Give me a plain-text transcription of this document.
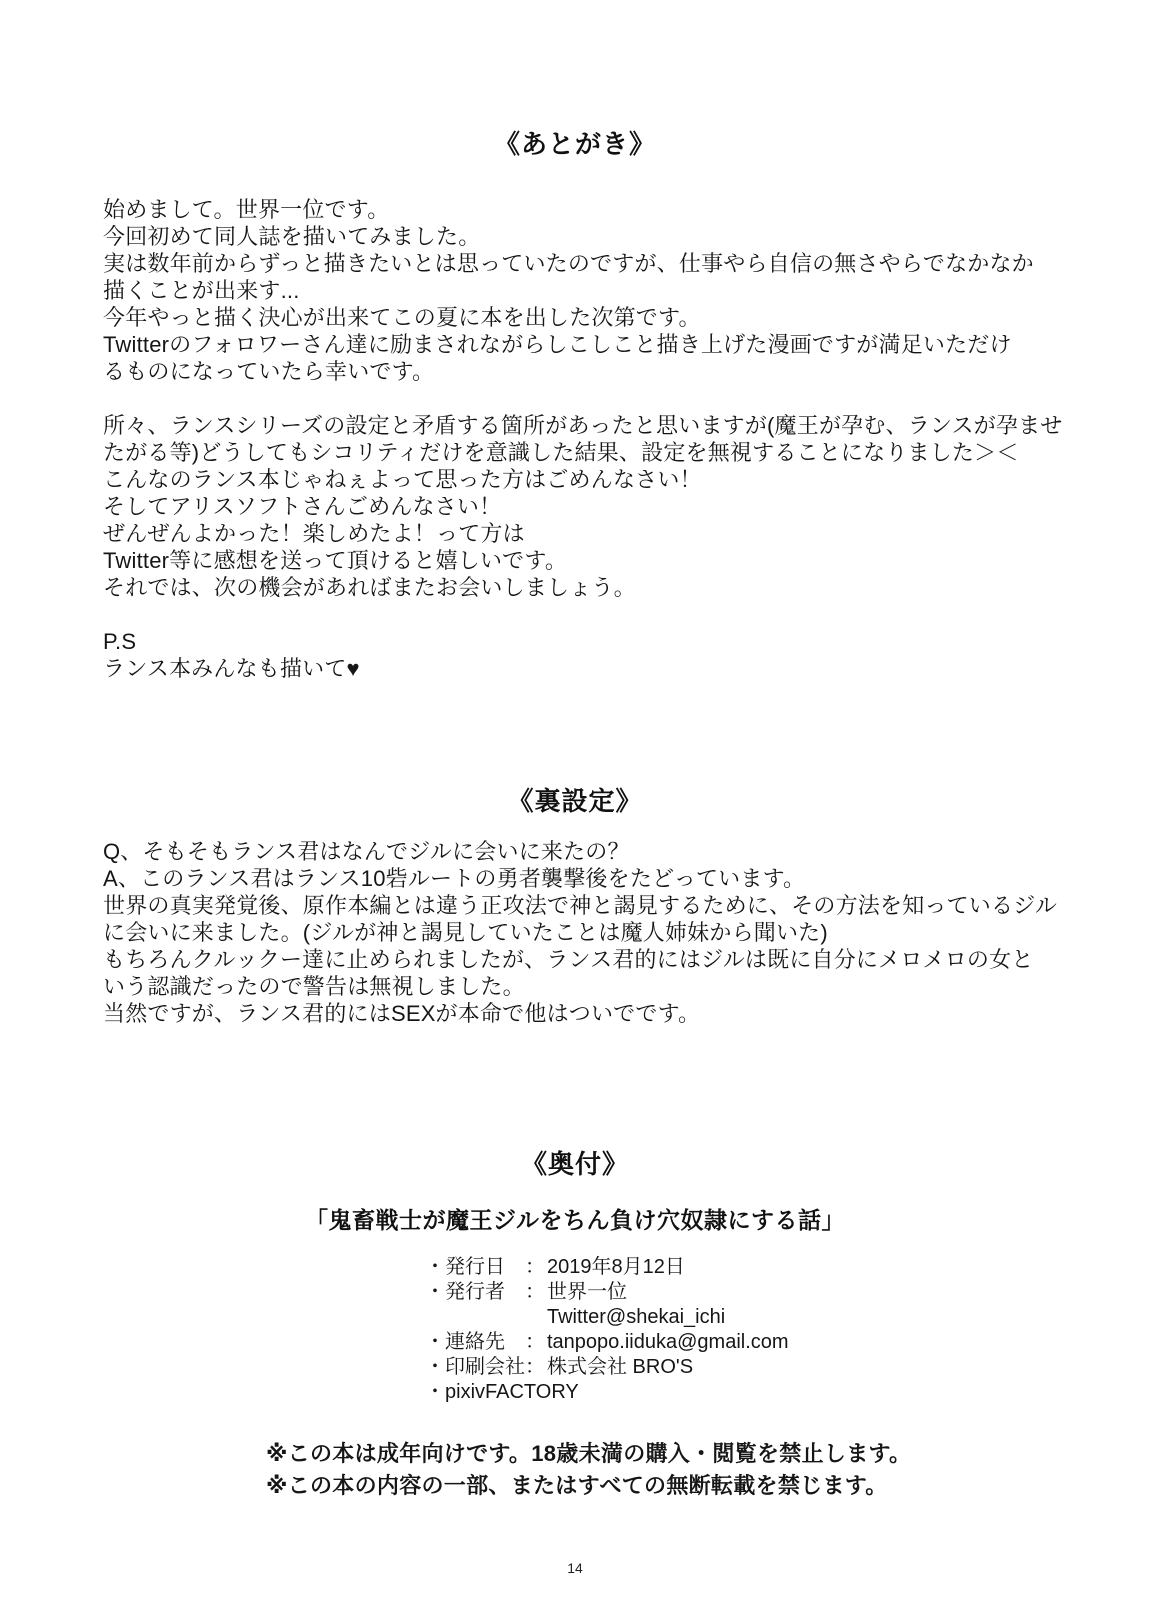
《あとがき》
始めまして。世界一位です。
今回初めて同人誌を描いてみました。
実は数年前からずっと描きたいとは思っていたのですが、仕事やら自信の無さやらでなかなか
描くことが出来す...
今年やっと描く決心が出来てこの夏に本を出した次第です。
Twitterのフォロワーさん達に励まされながらしこしこと描き上げた漫画ですが満足いただけ
るものになっていたら幸いです。

所々、ランスシリーズの設定と矛盾する箇所があったと思いますが(魔王が孕む、ランスが孕ませ
たがる等)どうしてもシコリティだけを意識した結果、設定を無視することになりました＞＜
こんなのランス本じゃねぇよって思った方はごめんなさい！
そしてアリスソフトさんごめんなさい！
ぜんぜんよかった！楽しめたよ！って方は
Twitter等に感想を送って頂けると嬉しいです。
それでは、次の機会があればまたお会いしましょう。

P.S
ランス本みんなも描いて♥
《裏設定》
Q、そもそもランス君はなんでジルに会いに来たの？
A、このランス君はランス10砦ルートの勇者襲撃後をたどっています。
世界の真実発覚後、原作本編とは違う正攻法で神と謁見するために、その方法を知っているジル
に会いに来ました。(ジルが神と謁見していたことは魔人姉妹から聞いた)
もちろんクルックー達に止められましたが、ランス君的にはジルは既に自分にメロメロの女と
いう認識だったので警告は無視しました。
当然ですが、ランス君的にはSEXが本命で他はついでです。
《奥付》
「鬼畜戦士が魔王ジルをちん負け穴奴隷にする話」
・発行日	： 2019年8月12日
・発行者	： 世界一位
Twitter@shekai_ichi
・連絡先	： tanpopo.iiduka@gmail.com
・印刷会社 ： 株式会社 BRO'S
・pixivFACTORY
※この本は成年向けです。18歳未満の購入・閲覧を禁止します。
※この本の内容の一部、またはすべての無断転載を禁じます。
14
